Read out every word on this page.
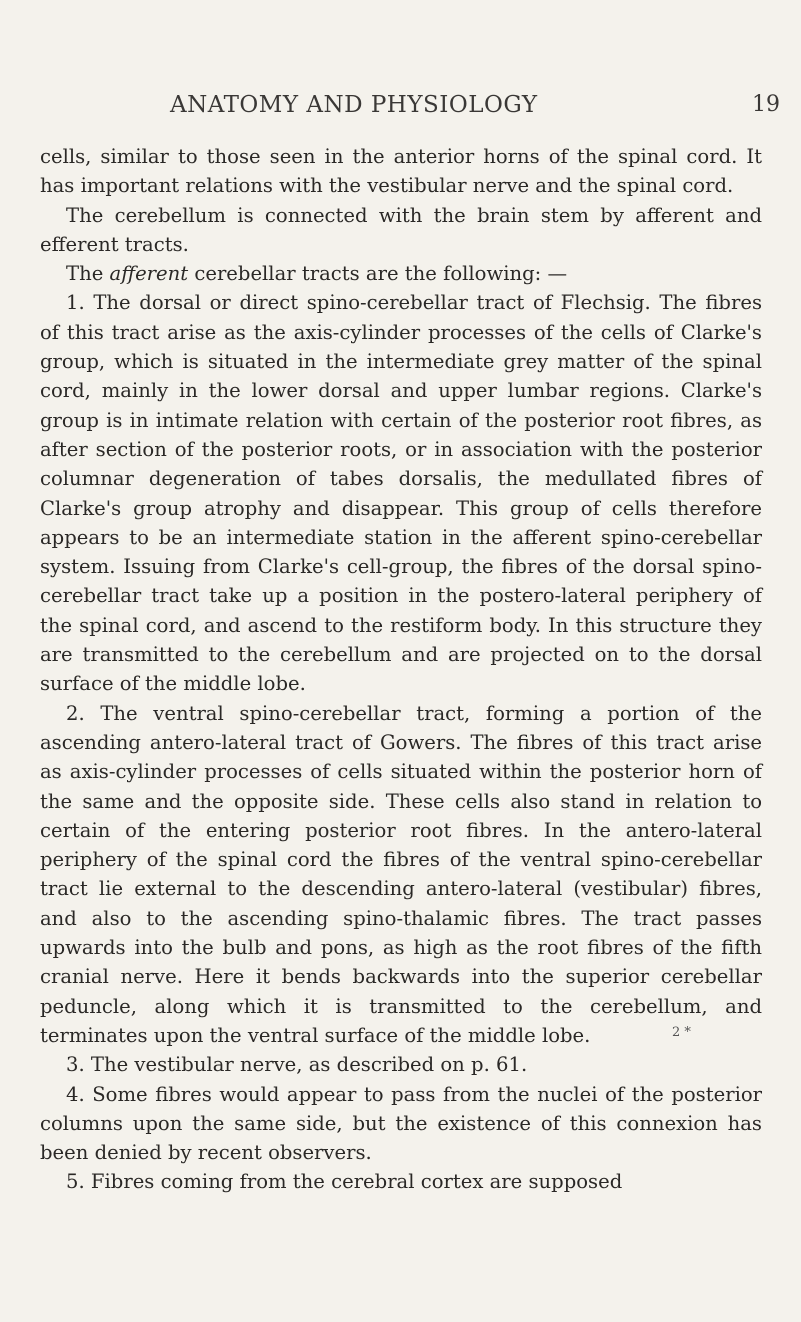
ANATOMY AND PHYSIOLOGY	19

cells, similar to those seen in the anterior horns of the spinal cord. It has important relations with the vestibular nerve and the spinal cord.

The cerebellum is connected with the brain stem by afferent and efferent tracts.

The afferent cerebellar tracts are the following: —

1. The dorsal or direct spino-cerebellar tract of Flechsig. The fibres of this tract arise as the axis-cylinder processes of the cells of Clarke's group, which is situated in the intermediate grey matter of the spinal cord, mainly in the lower dorsal and upper lumbar regions. Clarke's group is in intimate relation with certain of the posterior root fibres, as after section of the posterior roots, or in association with the posterior columnar degeneration of tabes dorsalis, the medullated fibres of Clarke's group atrophy and disappear. This group of cells therefore appears to be an intermediate station in the afferent spino-cerebellar system. Issuing from Clarke's cell-group, the fibres of the dorsal spino-cerebellar tract take up a position in the postero-lateral periphery of the spinal cord, and ascend to the restiform body. In this structure they are transmitted to the cerebellum and are projected on to the dorsal surface of the middle lobe.

2. The ventral spino-cerebellar tract, forming a portion of the ascending antero-lateral tract of Gowers. The fibres of this tract arise as axis-cylinder processes of cells situated within the posterior horn of the same and the opposite side. These cells also stand in relation to certain of the entering posterior root fibres. In the antero-lateral periphery of the spinal cord the fibres of the ventral spino-cerebellar tract lie external to the descending antero-lateral (vestibular) fibres, and also to the ascending spino-thalamic fibres. The tract passes upwards into the bulb and pons, as high as the root fibres of the fifth cranial nerve. Here it bends backwards into the superior cerebellar peduncle, along which it is transmitted to the cerebellum, and terminates upon the ventral surface of the middle lobe.

3. The vestibular nerve, as described on p. 61.

4. Some fibres would appear to pass from the nuclei of the posterior columns upon the same side, but the existence of this connexion has been denied by recent observers.

5. Fibres coming from the cerebral cortex are supposed

2 *
